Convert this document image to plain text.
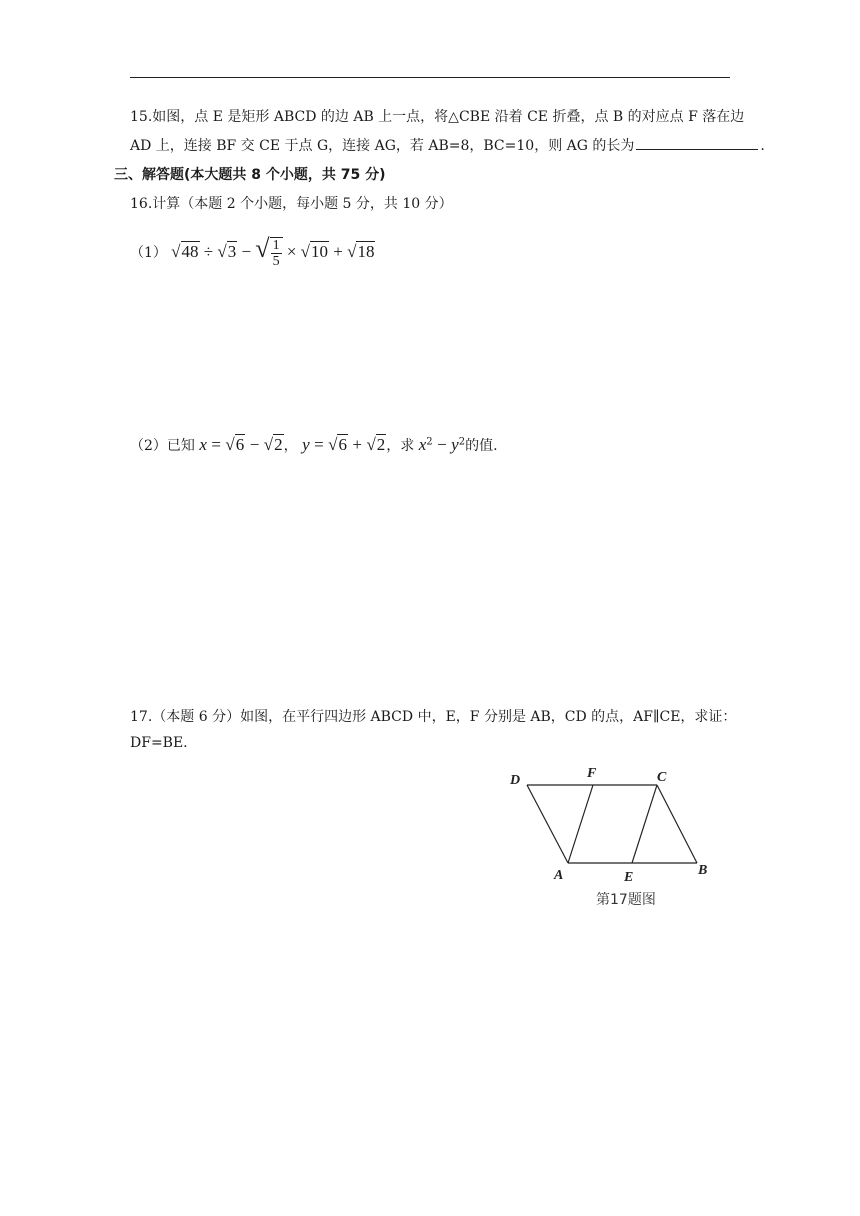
15.如图，点 E 是矩形 ABCD 的边 AB 上一点，将△CBE 沿着 CE 折叠，点 B 的对应点 F 落在边
AD 上，连接 BF 交 CE 于点 G，连接 AG，若 AB=8，BC=10，则 AG 的长为	.
三、解答题(本大题共 8 个小题，共 75 分)
16.计算（本题 2 个小题，每小题 5 分，共 10 分）
（1） √48 ÷ √3 − √ $\frac{1}{5} \times √10 + √18$
（2）已知 x = √6 − √2， y = √6 + √2，求 $x^2 - y^2$的值.
17.（本题 6 分）如图，在平行四边形 ABCD 中，E，F 分别是 AB，CD 的点，AF∥CE，求证：
DF=BE.
D	F	C
A	E	B
第17题图
